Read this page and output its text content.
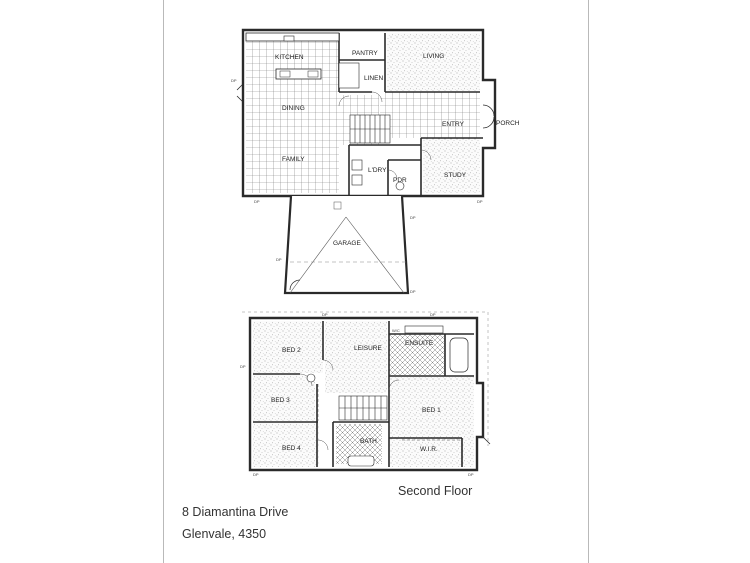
KITCHEN
PANTRY	LIVING
LINEN
DINING
ENTRY	PORCH
FAMILY
L'DRY
PDR
STUDY
GARAGE
DP
DP	DP
DP
DP
DP
BED 2	LEISURE
ENSUITE
W/C
BED 3
BED 1
BED 4
BATH
W.I.R.
DP
DP	DP
DP	DP
Second Floor
8 Diamantina Drive
Glenvale, 4350
